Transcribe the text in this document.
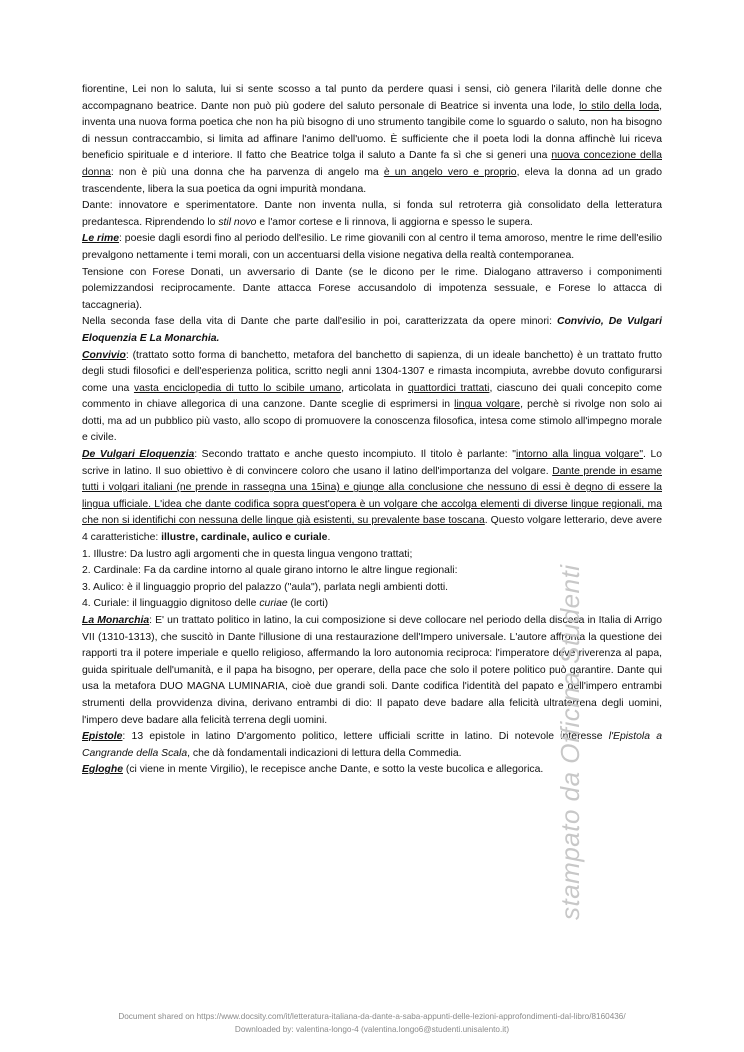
fiorentine, Lei non lo saluta, lui si sente scosso a tal punto da perdere quasi i sensi, ciò genera l'ilarità delle donne che accompagnano beatrice. Dante non può più godere del saluto personale di Beatrice si inventa una lode, lo stilo della loda, inventa una nuova forma poetica che non ha più bisogno di uno strumento tangibile come lo sguardo o saluto, non ha bisogno di nessun contraccambio, si limita ad affinare l'animo dell'uomo. È sufficiente che il poeta lodi la donna affinchè lui riceva beneficio spirituale e d interiore. Il fatto che Beatrice tolga il saluto a Dante fa sì che si generi una nuova concezione della donna: non è più una donna che ha parvenza di angelo ma è un angelo vero e proprio, eleva la donna ad un grado trascendente, libera la sua poetica da ogni impurità mondana.

Dante: innovatore e sperimentatore. Dante non inventa nulla, si fonda sul retroterra già consolidato della letteratura predantesca. Riprendendo lo stil novo e l'amor cortese e li rinnova, li aggiorna e spesso le supera.

Le rime: poesie dagli esordi fino al periodo dell'esilio. Le rime giovanili con al centro il tema amoroso, mentre le rime dell'esilio prevalgono nettamente i temi morali, con un accentuarsi della visione negativa della realtà contemporanea.

Tensione con Forese Donati, un avversario di Dante (se le dicono per le rime. Dialogano attraverso i componimenti polemizzandosi reciprocamente. Dante attacca Forese accusandolo di impotenza sessuale, e Forese lo attacca di taccagneria).

Nella seconda fase della vita di Dante che parte dall'esilio in poi, caratterizzata da opere minori: Convivio, De Vulgari Eloquenzia E La Monarchia.

Convivio: (trattato sotto forma di banchetto, metafora del banchetto di sapienza, di un ideale banchetto) è un trattato frutto degli studi filosofici e dell'esperienza politica, scritto negli anni 1304-1307 e rimasta incompiuta, avrebbe dovuto configurarsi come una vasta enciclopedia di tutto lo scibile umano, articolata in quattordici trattati, ciascuno dei quali concepito come commento in chiave allegorica di una canzone. Dante sceglie di esprimersi in lingua volgare, perchè si rivolge non solo ai dotti, ma ad un pubblico più vasto, allo scopo di promuovere la conoscenza filosofica, intesa come stimolo all'impegno morale e civile.

De Vulgari Eloquenzia: Secondo trattato e anche questo incompiuto. Il titolo è parlante: "intorno alla lingua volgare". Lo scrive in latino. Il suo obiettivo è di convincere coloro che usano il latino dell'importanza del volgare. Dante prende in esame tutti i volgari italiani (ne prende in rassegna una 15ina) e giunge alla conclusione che nessuno di essi è degno di essere la lingua ufficiale. L'idea che dante codifica sopra quest'opera è un volgare che accolga elementi di diverse lingue regionali, ma che non si identifichi con nessuna delle lingue già esistenti, su prevalente base toscana. Questo volgare letterario, deve avere 4 caratteristiche: illustre, cardinale, aulico e curiale.

1. Illustre: Da lustro agli argomenti che in questa lingua vengono trattati;

2. Cardinale: Fa da cardine intorno al quale girano intorno le altre lingue regionali:

3. Aulico: è il linguaggio proprio del palazzo ("aula"), parlata negli ambienti dotti.

4. Curiale: il linguaggio dignitoso delle curiae (le corti)

La Monarchia: E' un trattato politico in latino, la cui composizione si deve collocare nel periodo della discesa in Italia di Arrigo VII (1310-1313), che suscitò in Dante l'illusione di una restaurazione dell'Impero universale. L'autore affronta la questione dei rapporti tra il potere imperiale e quello religioso, affermando la loro autonomia reciproca: l'imperatore deve riverenza al papa, guida spirituale dell'umanità, e il papa ha bisogno, per operare, della pace che solo il potere politico può garantire. Dante qui usa la metafora DUO MAGNA LUMINARIA, cioè due grandi soli. Dante codifica l'identità del papato e dell'impero entrambi strumenti della provvidenza divina, derivano entrambi di dio: Il papato deve badare alla felicità ultraterrena degli uomini, l'impero deve badare alla felicità terrena degli uomini.

Epistole: 13 epistole in latino D'argomento politico, lettere ufficiali scritte in latino. Di notevole interesse l'Epistola a Cangrande della Scala, che dà fondamentali indicazioni di lettura della Commedia.

Egloghe (ci viene in mente Virgilio), le recepisce anche Dante, e sotto la veste bucolica e allegorica. stampato da Officina Studenti
Document shared on https://www.docsity.com/it/letteratura-italiana-da-dante-a-saba-appunti-delle-lezioni-approfondimenti-dal-libro/8160436/
Downloaded by: valentina-longo-4 (valentina.longo6@studenti.unisalento.it)
